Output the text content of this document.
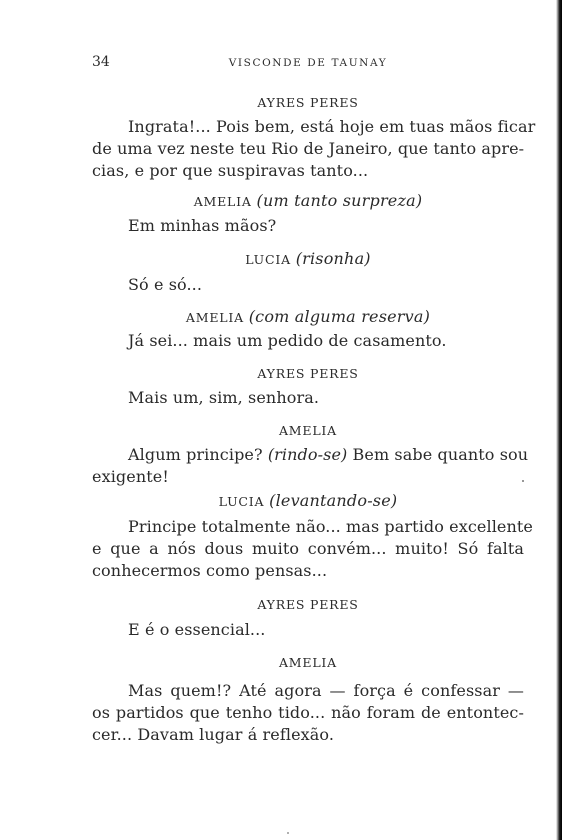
34	VISCONDE DE TAUNAY
AYRES PERES
Ingrata!... Pois bem, está hoje em tuas mãos ficar
de uma vez neste teu Rio de Janeiro, que tanto apre-
cias, e por que suspiravas tanto...
AMELIA (um tanto surpreza)
Em minhas mãos?
LUCIA (risonha)
Só e só...
AMELIA (com alguma reserva)
Já sei... mais um pedido de casamento.
AYRES PERES
Mais um, sim, senhora.
AMELIA
Algum principe? (rindo-se) Bem sabe quanto sou
exigente!
LUCIA (levantando-se)
Principe totalmente não... mas partido excellente
e que a nós dous muito convém... muito! Só falta
conhecermos como pensas...
AYRES PERES
E é o essencial...
AMELIA
Mas quem!? Até agora — força é confessar —
os partidos que tenho tido... não foram de entontec-
cer... Davam lugar á reflexão.
